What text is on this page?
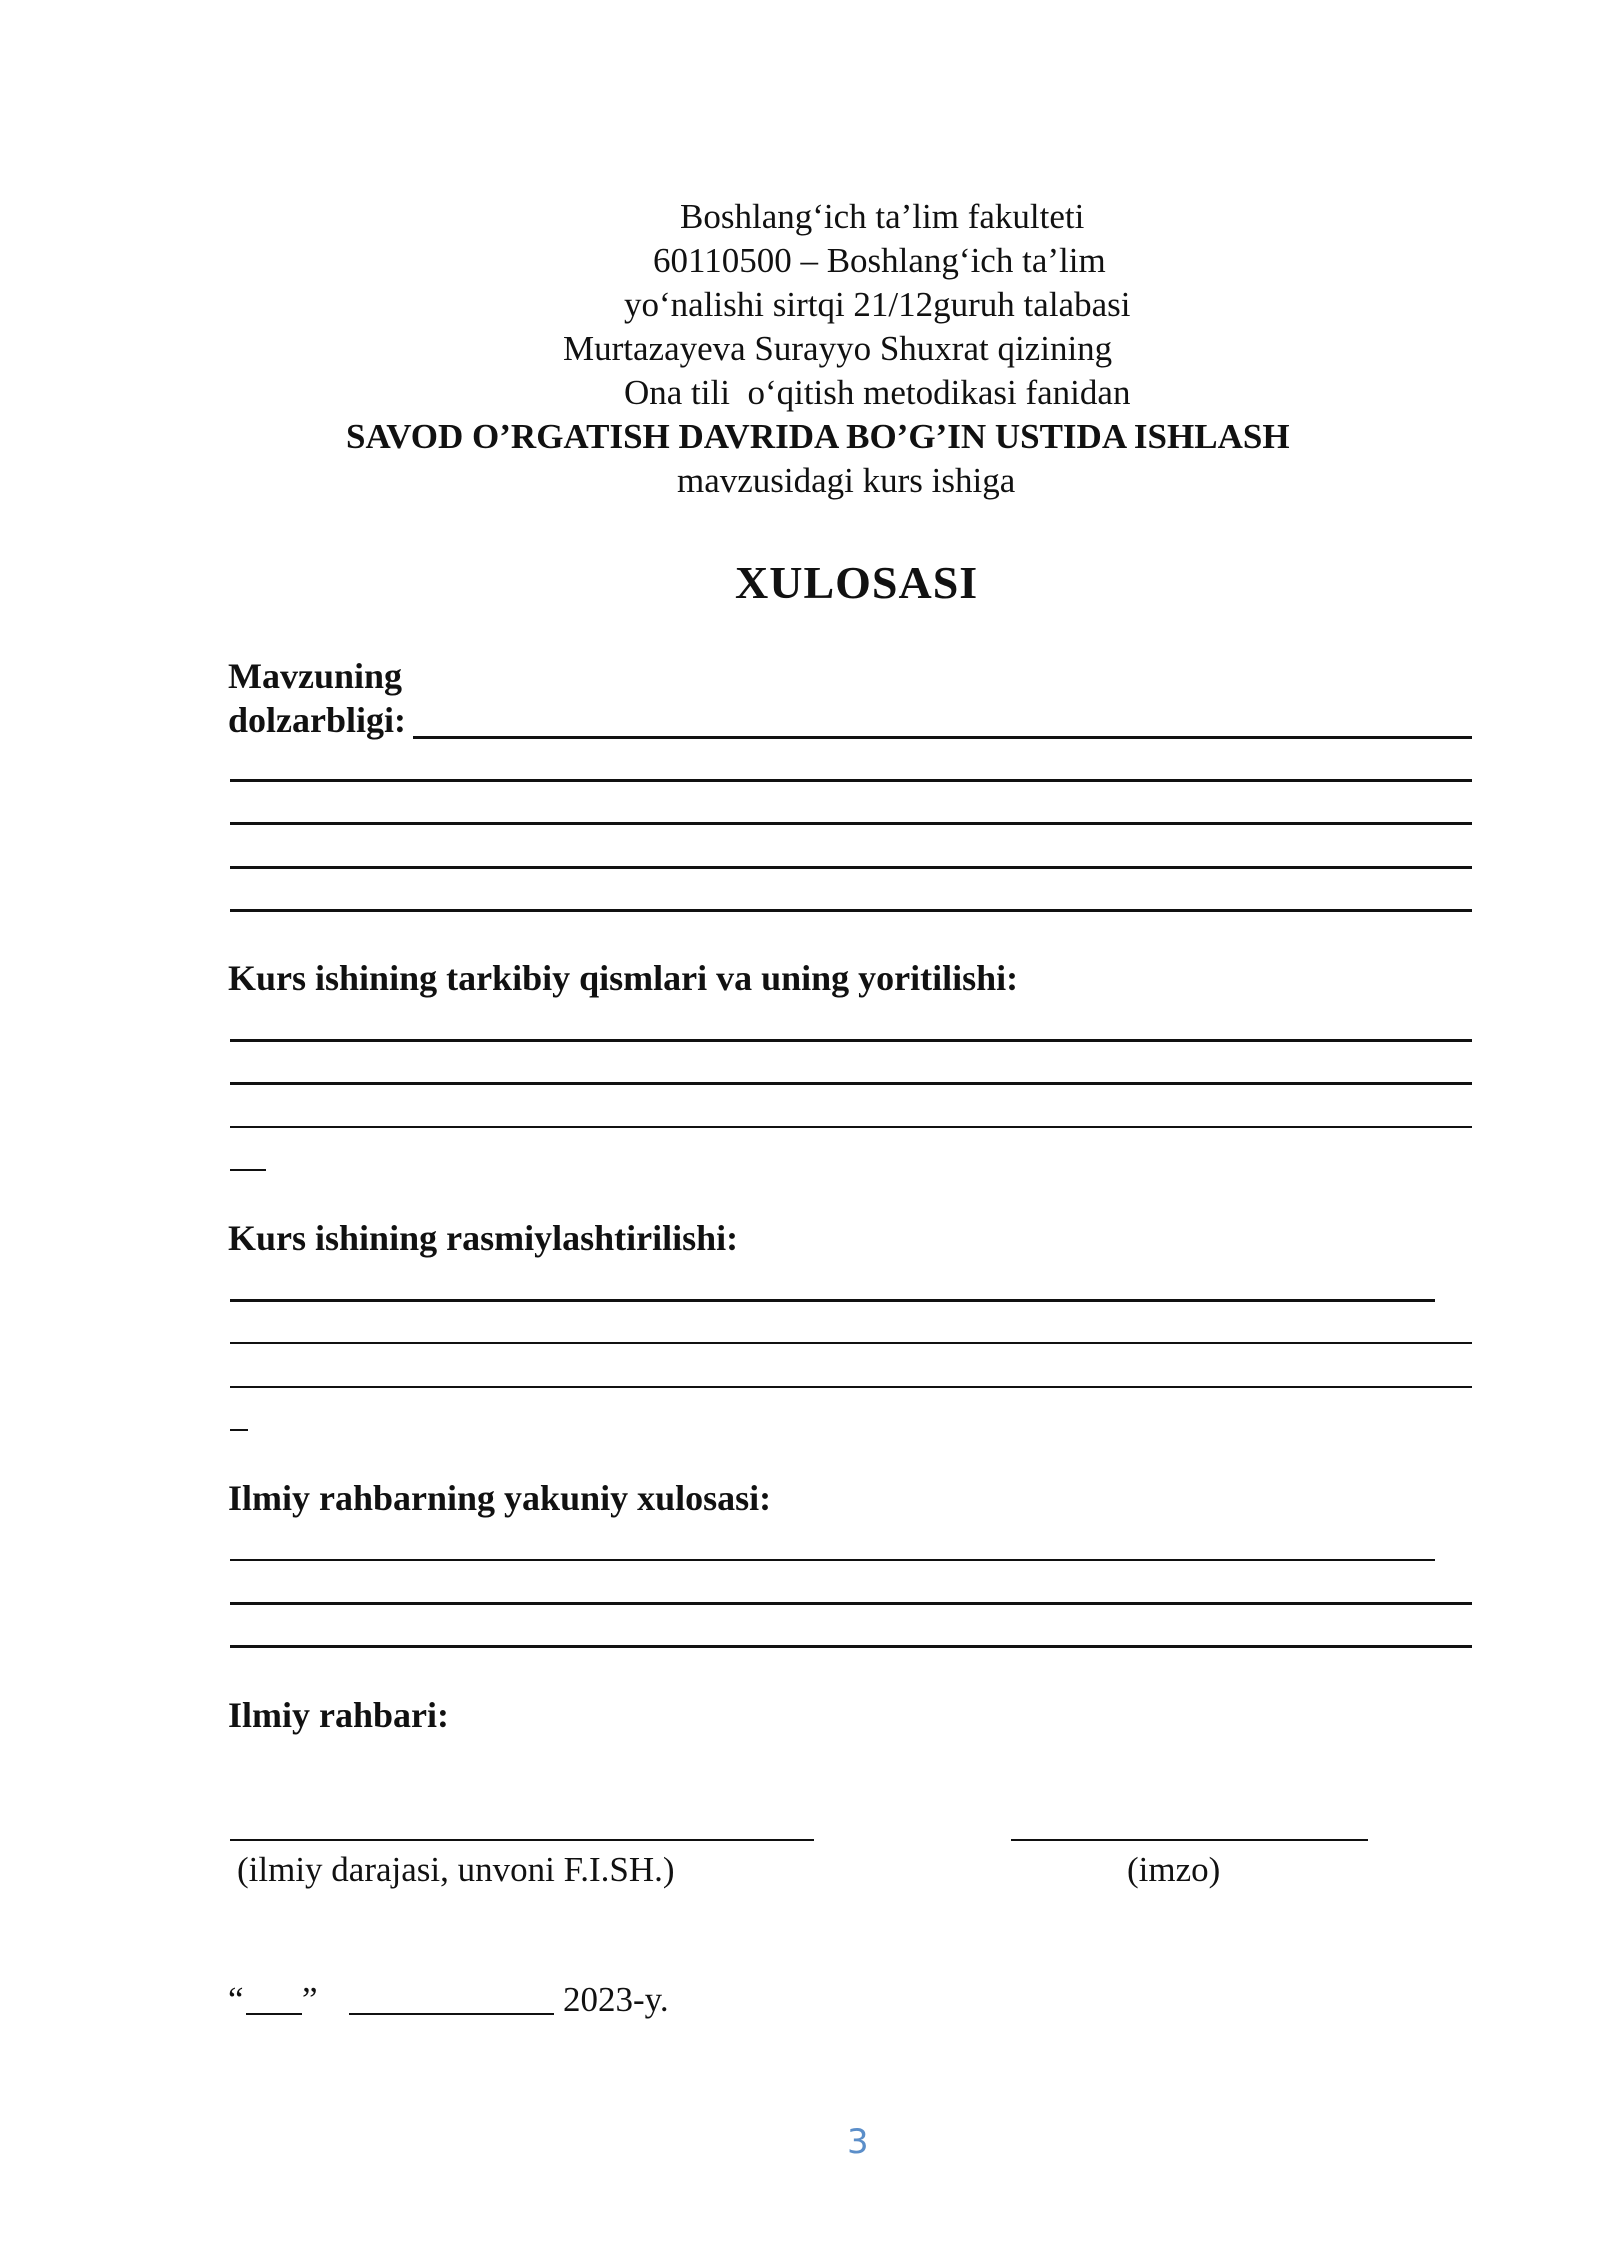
Boshlang‘ich ta’lim fakulteti
60110500 – Boshlang‘ich ta’lim
yo‘nalishi sirtqi 21/12guruh talabasi
Murtazayeva Surayyo Shuxrat qizining
Ona tili  o‘qitish metodikasi fanidan
SAVOD O’RGATISH DAVRIDA BO’G’IN USTIDA ISHLASH
mavzusidagi kurs ishiga
XULOSASI
Mavzuning
dolzarbligi:
Kurs ishining tarkibiy qismlari va uning yoritilishi:
Kurs ishining rasmiylashtirilishi:
Ilmiy rahbarning yakuniy xulosasi:
Ilmiy rahbari:
(ilmiy darajasi, unvoni F.I.SH.)	(imzo)
“ ”	2023-y.
3
